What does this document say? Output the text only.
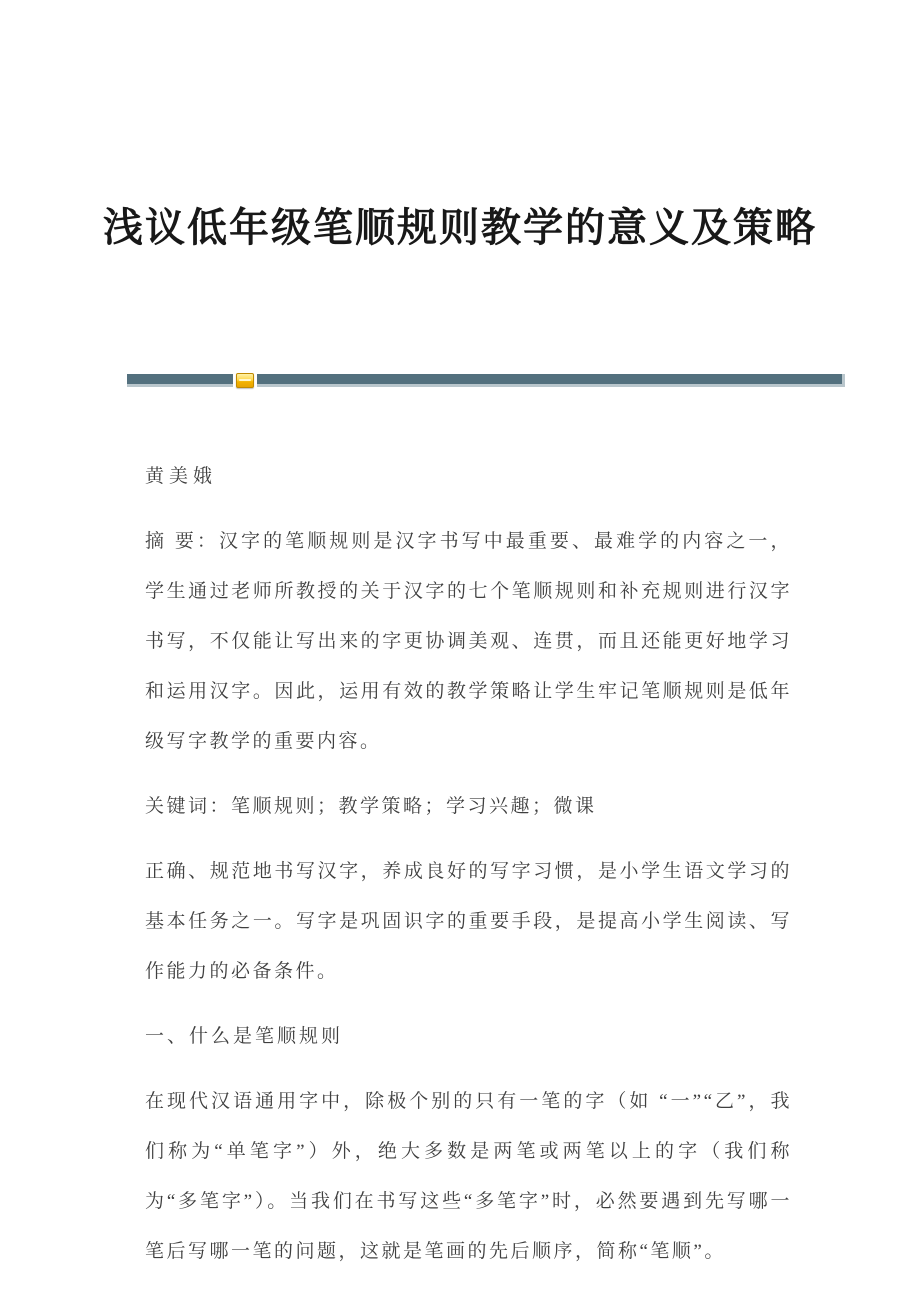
浅议低年级笔顺规则教学的意义及策略

黄美娥

摘 要：汉字的笔顺规则是汉字书写中最重要、最难学的内容之一，学生通过老师所教授的关于汉字的七个笔顺规则和补充规则进行汉字书写，不仅能让写出来的字更协调美观、连贯，而且还能更好地学习和运用汉字。因此，运用有效的教学策略让学生牢记笔顺规则是低年级写字教学的重要内容。

关键词：笔顺规则；教学策略；学习兴趣；微课

正确、规范地书写汉字，养成良好的写字习惯，是小学生语文学习的基本任务之一。写字是巩固识字的重要手段，是提高小学生阅读、写作能力的必备条件。

一、什么是笔顺规则

在现代汉语通用字中，除极个别的只有一笔的字（如 “一”“乙”，我们称为“单笔字”）外，绝大多数是两笔或两笔以上的字（我们称为“多笔字”）。当我们在书写这些“多笔字”时，必然要遇到先写哪一笔后写哪一笔的问题，这就是笔画的先后顺序，简称“笔顺”。
